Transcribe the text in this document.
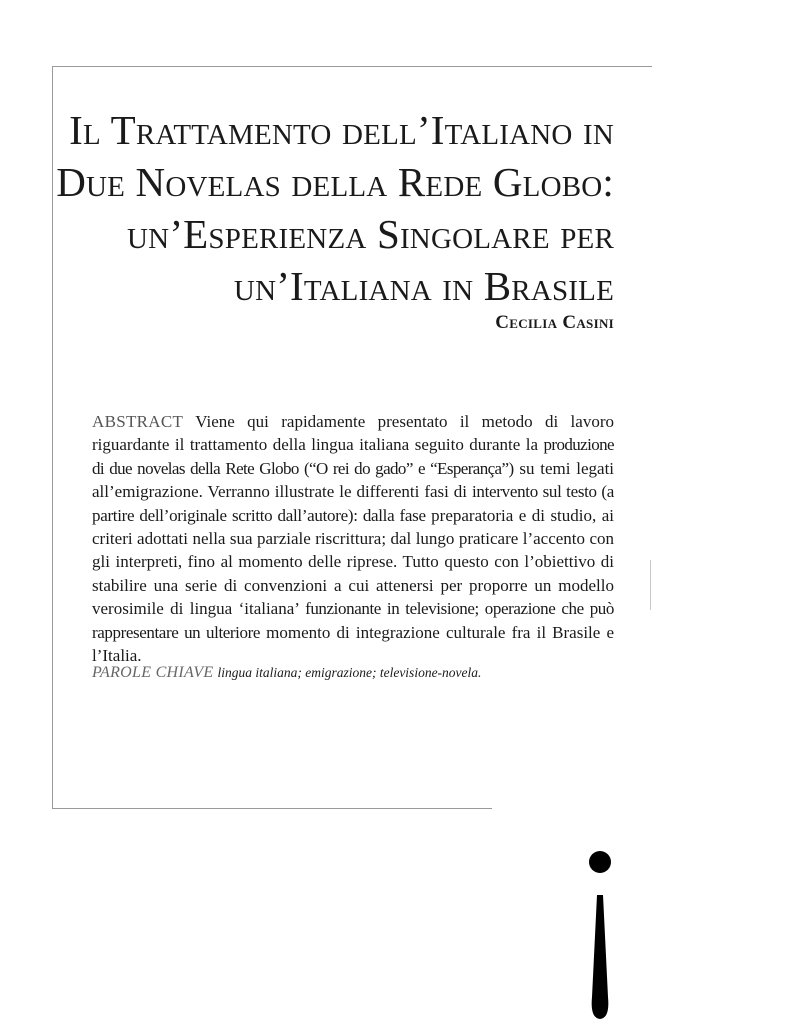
Il Trattamento dell’Italiano in
Due Novelas della Rede Globo:
un’Esperienza Singolare per
un’Italiana in Brasile
Cecilia Casini
ABSTRACT Viene qui rapidamente presentato il metodo di lavoro riguardante il trattamento della lingua italiana seguito durante la produzione di due novelas della Rete Globo (“O rei do gado” e “Esperança”) su temi legati all’emigrazione. Verranno illustrate le differenti fasi di intervento sul testo (a partire dell’originale scritto dall’autore): dalla fase preparatoria e di studio, ai criteri adottati nella sua parziale riscrittura; dal lungo praticare l’accento con gli interpreti, fino al momento delle riprese. Tutto questo con l’obiettivo di stabilire una serie di convenzioni a cui attenersi per proporre un modello verosimile di lingua ‘italiana’ funzionante in televisione; operazione che può rappresentare un ulteriore momento di integrazione culturale fra il Brasile e l’Italia.
PAROLE CHIAVE lingua italiana; emigrazione; televisione-novela.
